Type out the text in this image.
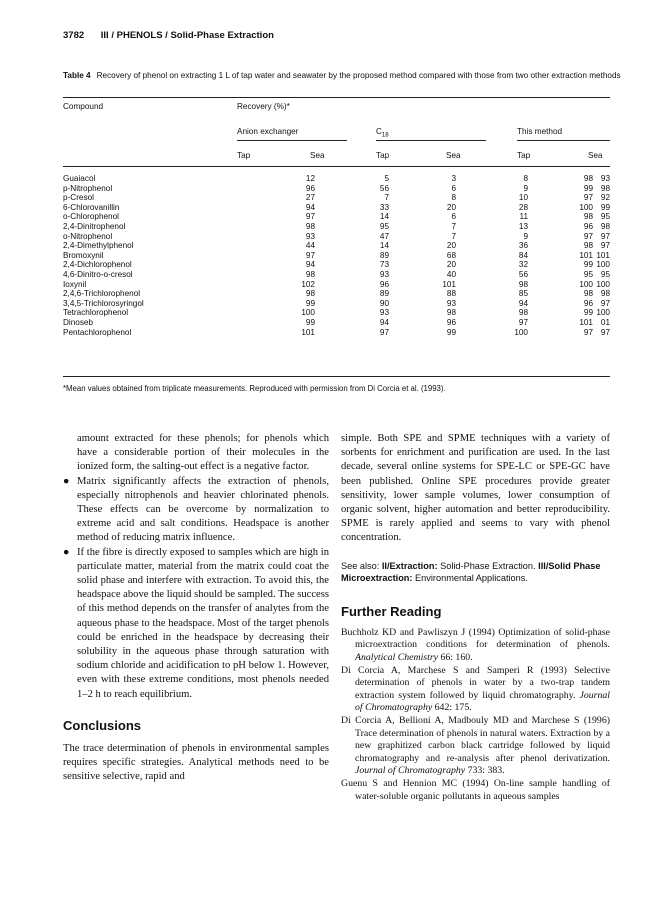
3782 III / PHENOLS / Solid-Phase Extraction
Table 4 Recovery of phenol on extracting 1 L of tap water and seawater by the proposed method compared with those from two other extraction methods
Compound	Recovery (%)*
Anion exchanger	$C_{18}$	This method
Tap	Sea	Tap	Sea	Tap	Sea
Guaiacol	12	5	3	8	98	93	
p-Nitrophenol	96	56	6	9	99	98	
p-Cresol	27	7	8	10	97	92	
6-Chlorovanillin	94	33	20	28	100	99	
o-Chlorophenol	97	14	6	11	98	95	
2,4-Dinitrophenol	98	95	7	13	96	98	
o-Nitrophenol	93	47	7	9	97	97	
2,4-Dimethylphenol	44	14	20	36	98	97	
Bromoxynil	97	89	68	84	101	101	
2,4-Dichlorophenol	94	73	20	32	99	100	
4,6-Dinitro-o-cresol	98	93	40	56	95	95	
Ioxynil	102	96	101	98	100	100	
2,4,6-Trichlorophenol	98	89	88	85	98	98	
3,4,5-Trichlorosyringol	99	90	93	94	96	97	
Tetrachlorophenol	100	93	98	98	99	100	
Dinoseb	99	94	96	97	101	01	
Pentachlorophenol	101	97	99	100	97	97	
*Mean values obtained from triplicate measurements. Reproduced with permission from Di Corcia et al. (1993).

amount extracted for these phenols; for phenols which have a considerable portion of their molecules in the ionized form, the salting-out effect is a negative factor.

● Matrix significantly affects the extraction of phenols, especially nitrophenols and heavier chlorinated phenols. These effects can be overcome by normalization to extreme acid and salt conditions. Headspace is another method of reducing matrix influence.

● If the fibre is directly exposed to samples which are high in particulate matter, material from the matrix could coat the solid phase and interfere with extraction. To avoid this, the headspace above the liquid should be sampled. The success of this method depends on the transfer of analytes from the aqueous phase to the headspace. Most of the target phenols could be enriched in the headspace by decreasing their solubility in the aqueous phase through saturation with sodium chloride and acidification to pH below 1. However, even with these extreme conditions, most phenols needed 1–2 h to reach equilibrium.

Conclusions

The trace determination of phenols in environmental samples requires specific strategies. Analytical methods need to be sensitive selective, rapid and

simple. Both SPE and SPME techniques with a variety of sorbents for enrichment and purification are used. In the last decade, several online systems for SPE-LC or SPE-GC have been published. Online SPE procedures provide greater sensitivity, lower sample volumes, lower consumption of organic solvent, higher automation and better reproducibility. SPME is rarely applied and seems to vary with phenol concentration.

See also: II/Extraction: Solid-Phase Extraction. III/Solid Phase Microextraction: Environmental Applications.

Further Reading

Buchholz KD and Pawliszyn J (1994) Optimization of solid-phase microextraction conditions for determination of phenols. Analytical Chemistry 66: 160.

Di Corcia A, Marchese S and Samperi R (1993) Selective determination of phenols in water by a two-trap tandem extraction system followed by liquid chromatography. Journal of Chromatography 642: 175.

Di Corcia A, Bellioni A, Madbouly MD and Marchese S (1996) Trace determination of phenols in natural waters. Extraction by a new graphitized carbon black cartridge followed by liquid chromatography and re-analysis after phenol derivatization. Journal of Chromatography 733: 383.

Guenu S and Hennion MC (1994) On-line sample handling of water-soluble organic pollutants in aqueous samples
